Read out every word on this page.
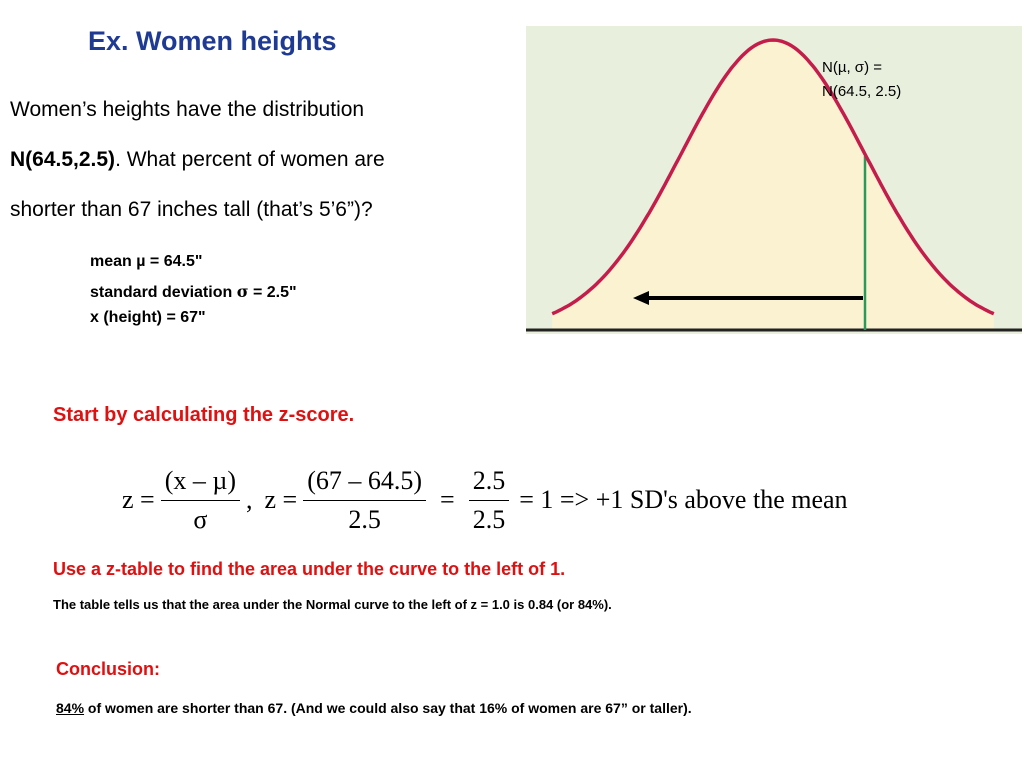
Ex. Women heights
Women’s heights have the distribution
N(64.5,2.5). What percent of women are
shorter than 67 inches tall (that’s 5’6”)?
mean µ = 64.5"
standard deviation σ = 2.5"
x (height) = 67"
N(µ, σ) =
N(64.5, 2.5)
Start by calculating the z-score.
$z = \frac{\text{(x – µ)}}{\sigma}$ , $z = \frac{(67 - 64.5)}{2.5} = \frac{2.5}{2.5} = 1 => +1$ SD's above the mean
Use a z-table to find the area under the curve to the left of 1.
The table tells us that the area under the Normal curve to the left of z = 1.0 is 0.84 (or 84%).
Conclusion:
84% of women are shorter than 67. (And we could also say that 16% of women are 67” or taller).
